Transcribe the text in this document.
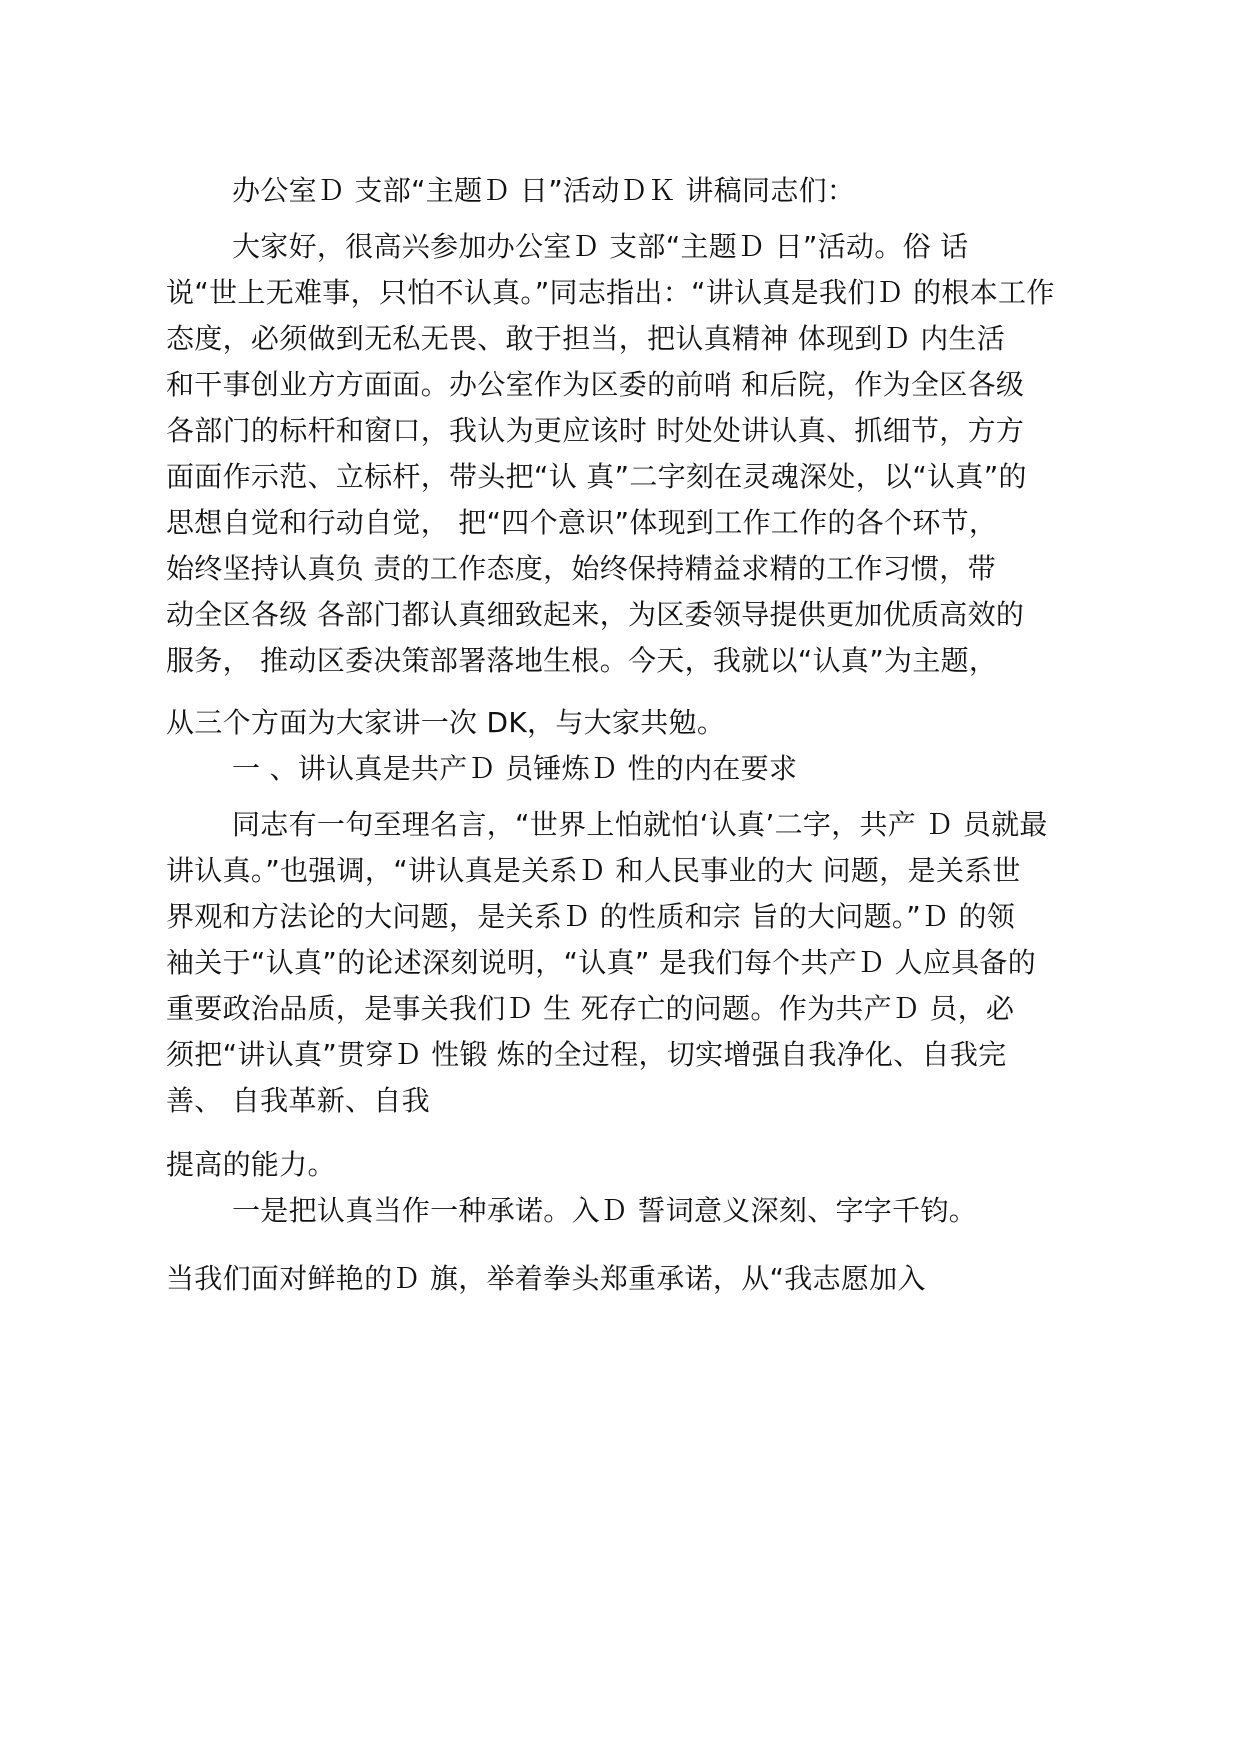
办公室Ｄ 支部“主题Ｄ 日”活动ＤＫ 讲稿同志们：
大家好，很高兴参加办公室Ｄ 支部“主题Ｄ 日”活动。俗 话
说“世上无难事，只怕不认真。”同志指出：“讲认真是我们Ｄ 的根本工作
态度，必须做到无私无畏、敢于担当，把认真精神 体现到Ｄ 内生活
和干事创业方方面面。办公室作为区委的前哨 和后院，作为全区各级
各部门的标杆和窗口，我认为更应该时 时处处讲认真、抓细节，方方
面面作示范、立标杆，带头把“认 真”二字刻在灵魂深处，以“认真”的
思想自觉和行动自觉， 把“四个意识”体现到工作工作的各个环节，
始终坚持认真负 责的工作态度，始终保持精益求精的工作习惯，带
动全区各级 各部门都认真细致起来，为区委领导提供更加优质高效的
服务， 推动区委决策部署落地生根。今天，我就以“认真”为主题，
从三个方面为大家讲一次 DK，与大家共勉。
一 、讲认真是共产Ｄ 员锤炼Ｄ 性的内在要求
同志有一句至理名言，“世界上怕就怕‘认真’二字，共产 Ｄ 员就最
讲认真。”也强调，“讲认真是关系Ｄ 和人民事业的大 问题，是关系世
界观和方法论的大问题，是关系Ｄ 的性质和宗 旨的大问题。”Ｄ 的领
袖关于“认真”的论述深刻说明，“认真” 是我们每个共产Ｄ 人应具备的
重要政治品质，是事关我们Ｄ 生 死存亡的问题。作为共产Ｄ 员，必
须把“讲认真”贯穿Ｄ 性锻 炼的全过程，切实增强自我净化、自我完
善、 自我革新、自我
提高的能力。
一是把认真当作一种承诺。入Ｄ 誓词意义深刻、字字千钧。
当我们面对鲜艳的Ｄ 旗，举着拳头郑重承诺，从“我志愿加入
